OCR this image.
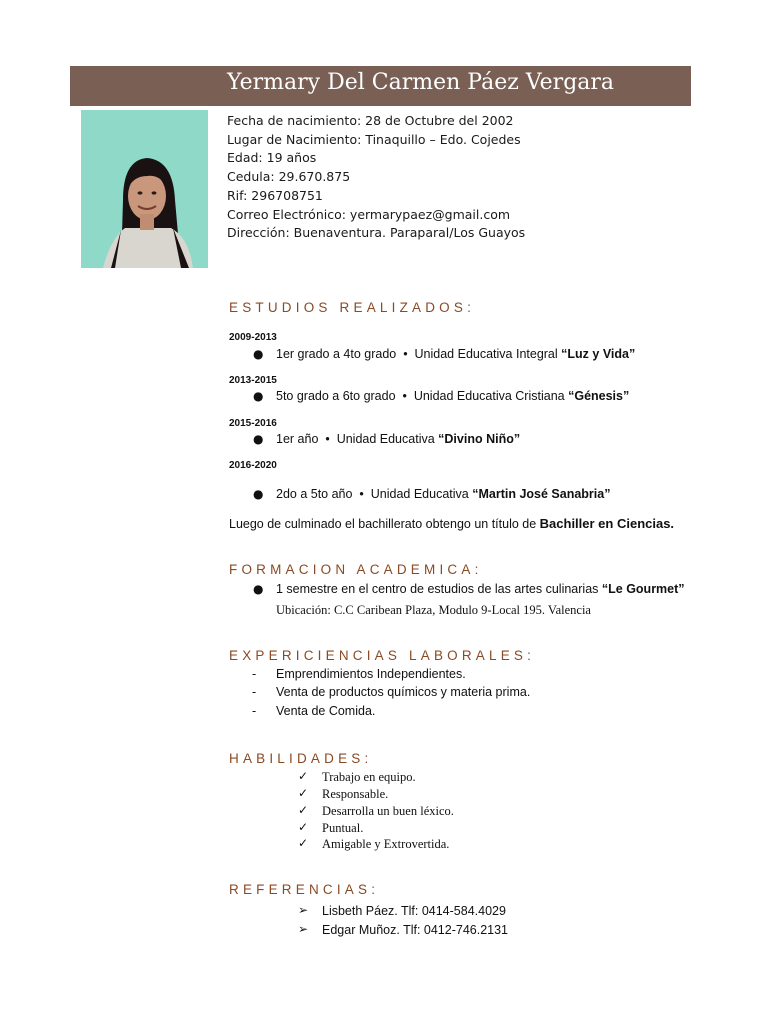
Yermary Del Carmen Páez Vergara
Fecha de nacimiento: 28 de Octubre del 2002
Lugar de Nacimiento: Tinaquillo – Edo. Cojedes
Edad: 19 años
Cedula: 29.670.875
Rif: 296708751
Correo Electrónico: yermarypaez@gmail.com
Dirección: Buenaventura. Paraparal/Los Guayos
ESTUDIOS REALIZADOS:
2009-2013
● 1er grado a 4to grado  •  Unidad Educativa Integral “Luz y Vida”
2013-2015
● 5to grado a 6to grado  •  Unidad Educativa Cristiana “Génesis”
2015-2016
● 1er año  •  Unidad Educativa “Divino Niño”
2016-2020
● 2do a 5to año  •  Unidad Educativa “Martin José Sanabria”
Luego de culminado el bachillerato obtengo un título de Bachiller en Ciencias.
FORMACION ACADEMICA:
● 1 semestre en el centro de estudios de las artes culinarias “Le Gourmet”
Ubicación: C.C Caribean Plaza, Modulo 9-Local 195. Valencia
EXPERICIENCIAS LABORALES:
- Emprendimientos Independientes.
- Venta de productos químicos y materia prima.
- Venta de Comida.
HABILIDADES:
✓ Trabajo en equipo.
✓ Responsable.
✓ Desarrolla un buen léxico.
✓ Puntual.
✓ Amigable y Extrovertida.
REFERENCIAS:
➢ Lisbeth Páez. Tlf: 0414-584.4029
➢ Edgar Muñoz. Tlf: 0412-746.2131
